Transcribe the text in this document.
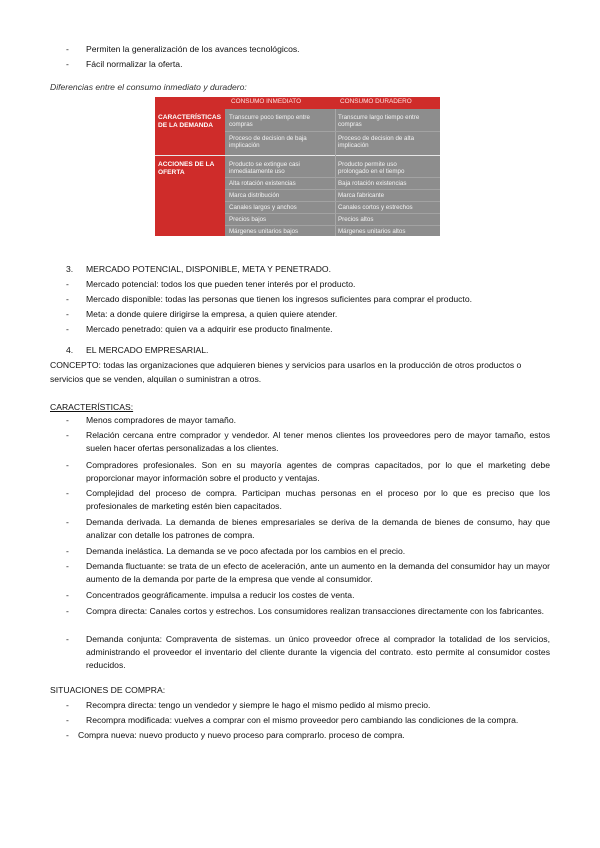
- Permiten la generalización de los avances tecnológicos.
- Fácil normalizar la oferta.
Diferencias entre el consumo inmediato y duradero:
CONSUMO INMEDIATO	CONSUMO DURADERO
CARACTERÍSTICAS
DE LA DEMANDA
Transcurre poco tiempo entre
compras
Proceso de decision de baja
implicación
Transcurre largo tiempo entre
compras
Proceso de decision de alta
implicación
ACCIONES DE LA
OFERTA
Producto se extingue casi
inmediatamente uso
Alta rotación existencias
Marca distribución
Canales largos y anchos
Precios bajos
Márgenes unitarios bajos
Producto permite uso
prolongado en el tiempo
Baja rotación existencias
Marca fabricante
Canales cortos y estrechos
Precios altos
Márgenes unitarios altos
3. MERCADO POTENCIAL, DISPONIBLE, META Y PENETRADO.
- Mercado potencial: todos los que pueden tener interés por el producto.
- Mercado disponible: todas las personas que tienen los ingresos suficientes para comprar el producto.
- Meta: a donde quiere dirigirse la empresa, a quien quiere atender.
- Mercado penetrado: quien va a adquirir ese producto finalmente.
4. EL MERCADO EMPRESARIAL.
CONCEPTO: todas las organizaciones que adquieren bienes y servicios para usarlos en la producción de otros productos o servicios que se venden, alquilan o suministran a otros.
CARACTERÍSTICAS:
- Menos compradores de mayor tamaño.
- Relación cercana entre comprador y vendedor. Al tener menos clientes los proveedores pero de mayor tamaño, estos suelen hacer ofertas personalizadas a los clientes.
- Compradores profesionales. Son en su mayoría agentes de compras capacitados, por lo que el marketing debe proporcionar mayor información sobre el producto y ventajas.
- Complejidad del proceso de compra. Participan muchas personas en el proceso por lo que es preciso que los profesionales de marketing estén bien capacitados.
- Demanda derivada. La demanda de bienes empresariales se deriva de la demanda de bienes de consumo, hay que analizar con detalle los patrones de compra.
- Demanda inelástica. La demanda se ve poco afectada por los cambios en el precio.
- Demanda fluctuante: se trata de un efecto de aceleración, ante un aumento en la demanda del consumidor hay un mayor aumento de la demanda por parte de la empresa que vende al consumidor.
- Concentrados geográficamente. impulsa a reducir los costes de venta.
- Compra directa: Canales cortos y estrechos. Los consumidores realizan transacciones directamente con los fabricantes.
- Demanda conjunta: Compraventa de sistemas. un único proveedor ofrece al comprador la totalidad de los servicios, administrando el proveedor el inventario del cliente durante la vigencia del contrato. esto permite al consumidor costes reducidos.
SITUACIONES DE COMPRA:
- Recompra directa: tengo un vendedor y siempre le hago el mismo pedido al mismo precio.
- Recompra modificada: vuelves a comprar con el mismo proveedor pero cambiando las condiciones de la compra.
- Compra nueva: nuevo producto y nuevo proceso para comprarlo. proceso de compra.
